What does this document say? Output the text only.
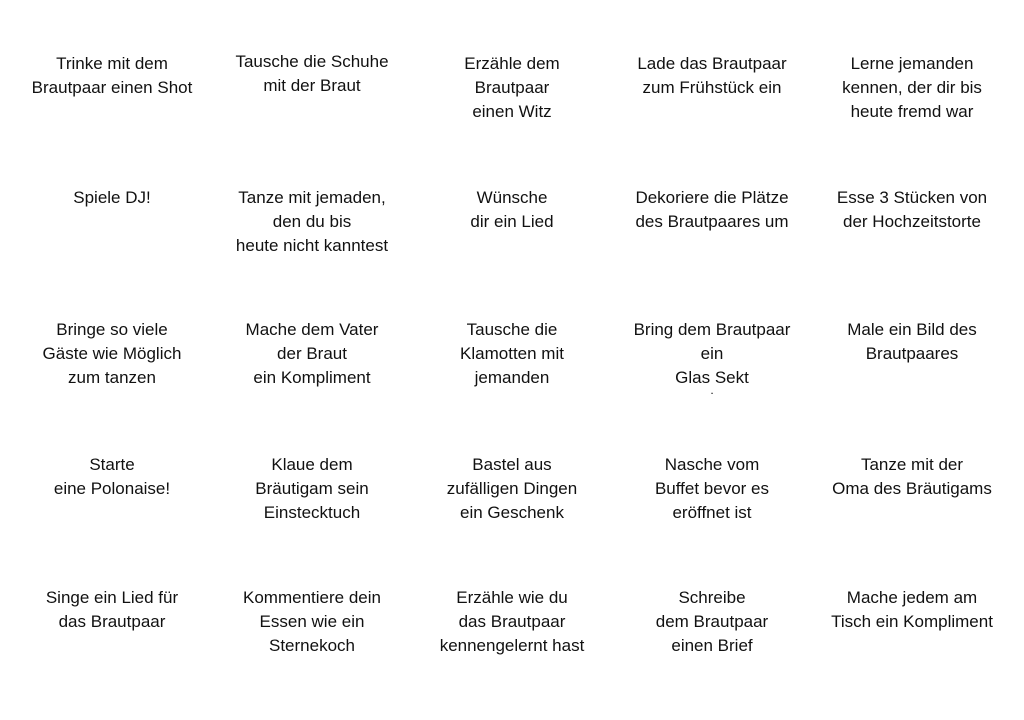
Trinke mit dem
Brautpaar einen Shot
Tausche die Schuhe
mit der Braut
Erzähle dem
Brautpaar
einen Witz
Lade das Brautpaar
zum Frühstück ein
Lerne jemanden
kennen, der dir bis
heute fremd war
Spiele DJ!	Tanze mit jemaden,
den du bis
heute nicht kanntest
Wünsche
dir ein Lied
Dekoriere die Plätze
des Brautpaares um
Esse 3 Stücken von
der Hochzeitstorte
Bringe so viele
Gäste wie Möglich
zum tanzen
Mache dem Vater
der Braut
ein Kompliment
Tausche die
Klamotten mit
jemanden
Bring dem Brautpaar
ein
Glas Sekt
.
Male ein Bild des
Brautpaares
Starte
eine Polonaise!
Klaue dem
Bräutigam sein
Einstecktuch
Bastel aus
zufälligen Dingen
ein Geschenk
Nasche vom
Buffet bevor es
eröffnet ist
Tanze mit der
Oma des Bräutigams
Singe ein Lied für
das Brautpaar
Kommentiere dein
Essen wie ein
Sternekoch
Erzähle wie du
das Brautpaar
kennengelernt hast
Schreibe
dem Brautpaar
einen Brief
Mache jedem am
Tisch ein Kompliment
